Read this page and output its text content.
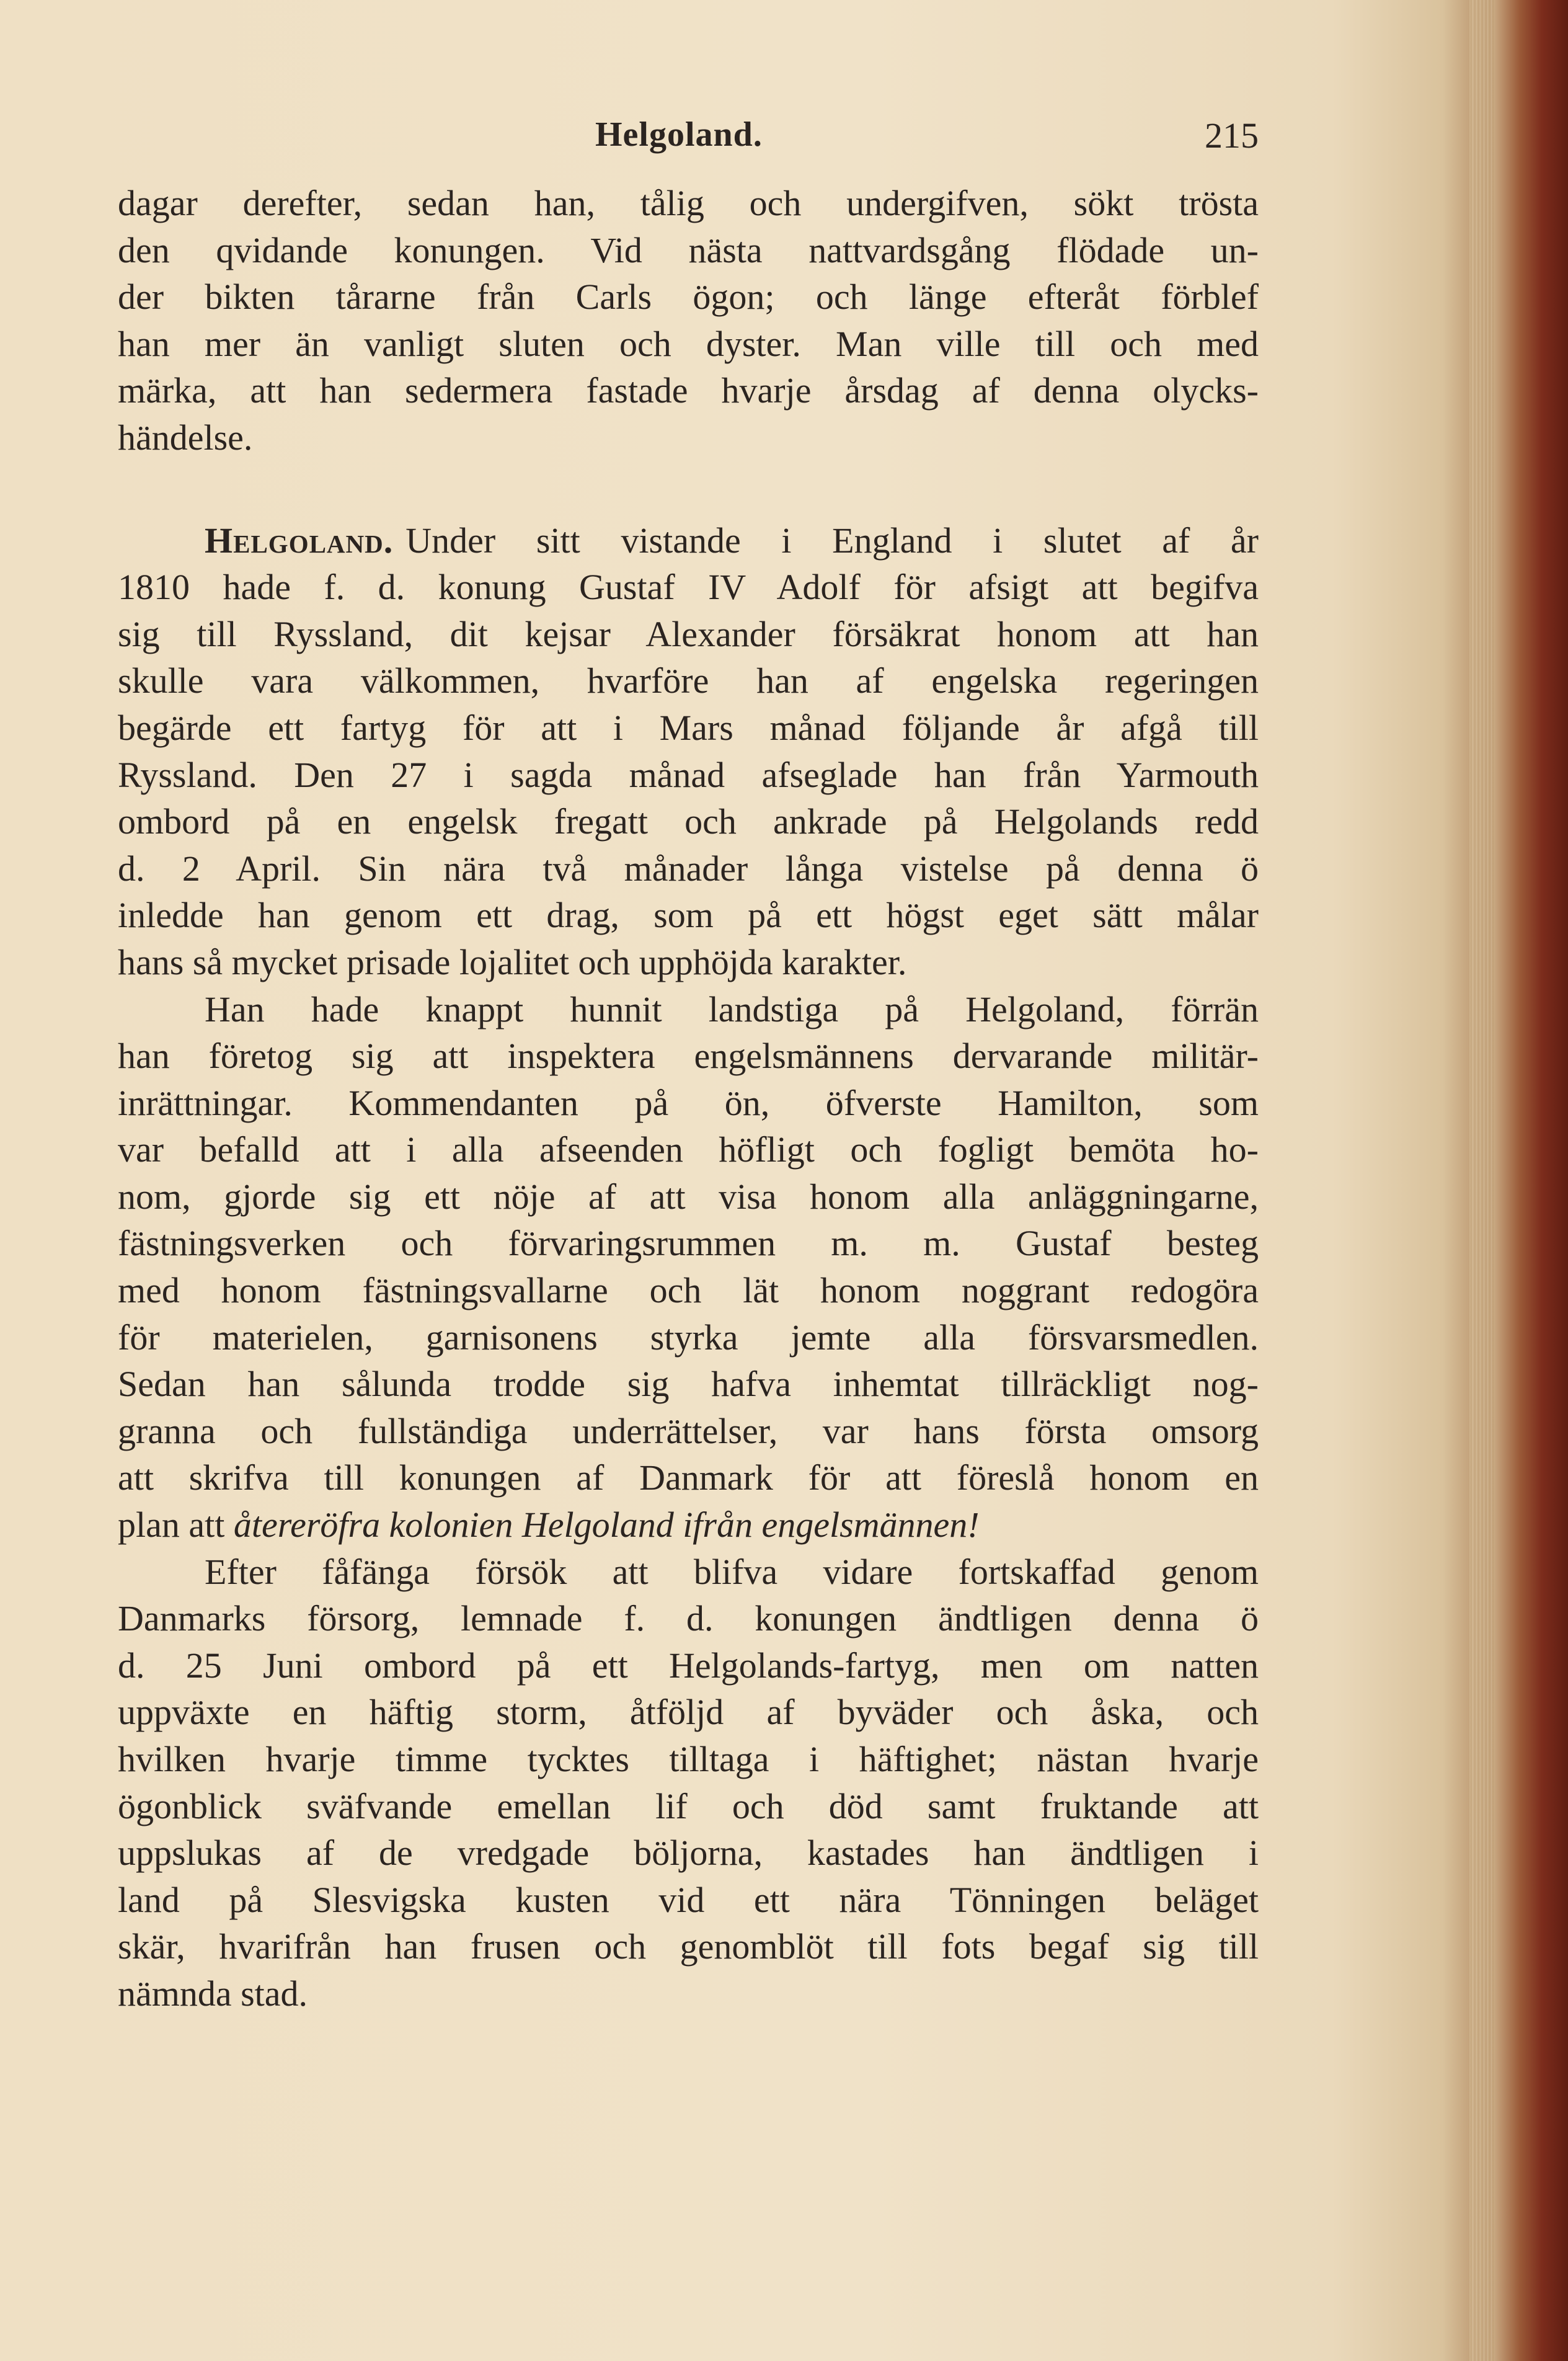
Helgoland.	215
dagar derefter, sedan han, tålig och undergifven, sökt trösta
den qvidande konungen. Vid nästa nattvardsgång flödade un-
der bikten tårarne från Carls ögon; och länge efteråt förblef
han mer än vanligt sluten och dyster. Man ville till och med
märka, att han sedermera fastade hvarje årsdag af denna olycks-
händelse.
Helgoland. Under sitt vistande i England i slutet af år
1810 hade f. d. konung Gustaf IV Adolf för afsigt att begifva
sig till Ryssland, dit kejsar Alexander försäkrat honom att han
skulle vara välkommen, hvarföre han af engelska regeringen
begärde ett fartyg för att i Mars månad följande år afgå till
Ryssland. Den 27 i sagda månad afseglade han från Yarmouth
ombord på en engelsk fregatt och ankrade på Helgolands redd
d. 2 April. Sin nära två månader långa vistelse på denna ö
inledde han genom ett drag, som på ett högst eget sätt målar
hans så mycket prisade lojalitet och upphöjda karakter.
Han hade knappt hunnit landstiga på Helgoland, förrän
han företog sig att inspektera engelsmännens dervarande militär-
inrättningar. Kommendanten på ön, öfverste Hamilton, som
var befalld att i alla afseenden höfligt och fogligt bemöta ho-
nom, gjorde sig ett nöje af att visa honom alla anläggningarne,
fästningsverken och förvaringsrummen m. m. Gustaf besteg
med honom fästningsvallarne och lät honom noggrant redogöra
för materielen, garnisonens styrka jemte alla försvarsmedlen.
Sedan han sålunda trodde sig hafva inhemtat tillräckligt nog-
granna och fullständiga underrättelser, var hans första omsorg
att skrifva till konungen af Danmark för att föreslå honom en
plan att återeröfra kolonien Helgoland ifrån engelsmännen!
Efter fåfänga försök att blifva vidare fortskaffad genom
Danmarks försorg, lemnade f. d. konungen ändtligen denna ö
d. 25 Juni ombord på ett Helgolands-fartyg, men om natten
uppväxte en häftig storm, åtföljd af byväder och åska, och
hvilken hvarje timme tycktes tilltaga i häftighet; nästan hvarje
ögonblick sväfvande emellan lif och död samt fruktande att
uppslukas af de vredgade böljorna, kastades han ändtligen i
land på Slesvigska kusten vid ett nära Tönningen beläget
skär, hvarifrån han frusen och genomblöt till fots begaf sig till
nämnda stad.
